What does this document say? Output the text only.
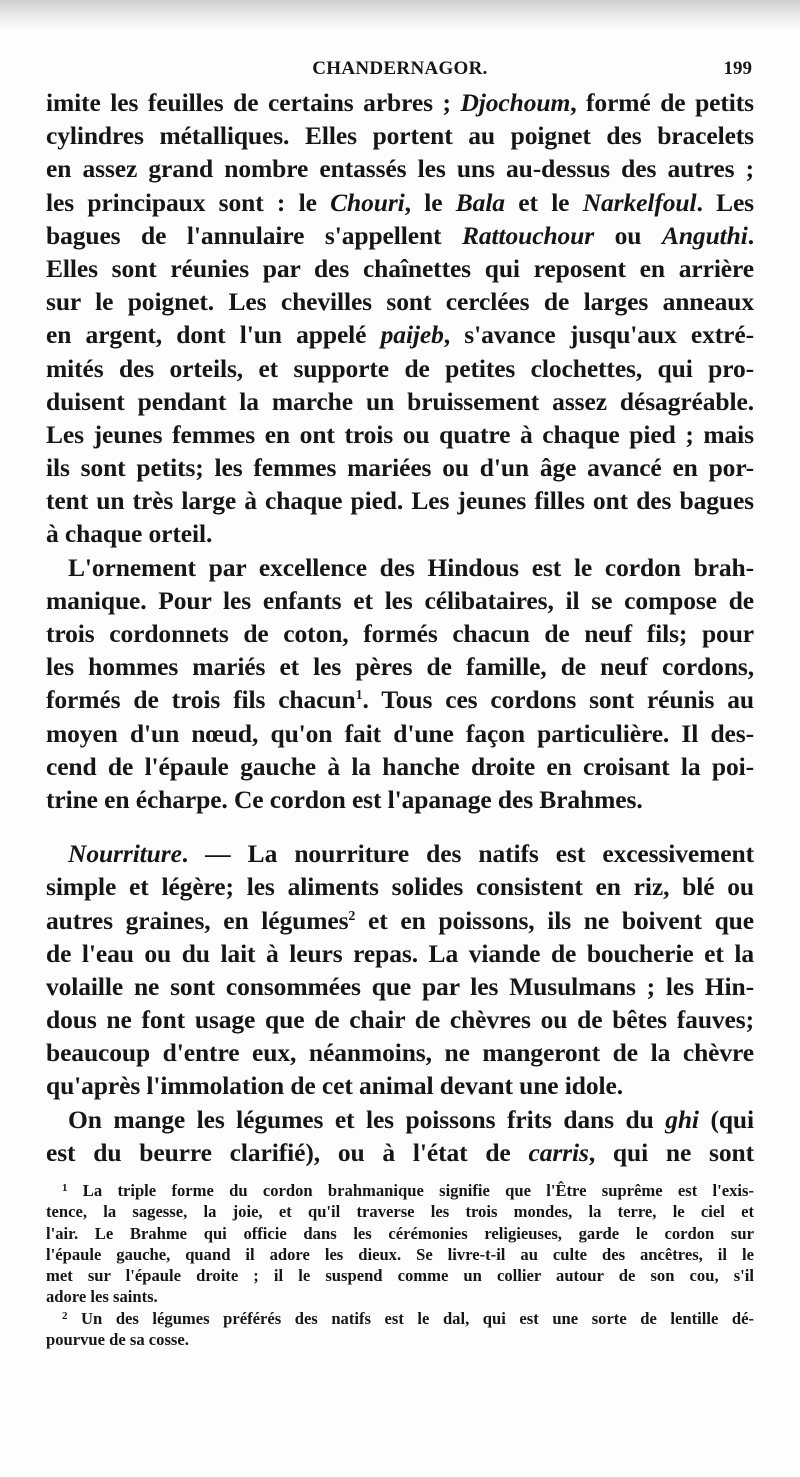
CHANDERNAGOR.	199
imite les feuilles de certains arbres ; Djochoum, formé de petits
cylindres métalliques. Elles portent au poignet des bracelets
en assez grand nombre entassés les uns au-dessus des autres ;
les principaux sont : le Chouri, le Bala et le Narkelfoul. Les
bagues de l'annulaire s'appellent Rattouchour ou Anguthi.
Elles sont réunies par des chaînettes qui reposent en arrière
sur le poignet. Les chevilles sont cerclées de larges anneaux
en argent, dont l'un appelé paijeb, s'avance jusqu'aux extré-
mités des orteils, et supporte de petites clochettes, qui pro-
duisent pendant la marche un bruissement assez désagréable.
Les jeunes femmes en ont trois ou quatre à chaque pied ; mais
ils sont petits; les femmes mariées ou d'un âge avancé en por-
tent un très large à chaque pied. Les jeunes filles ont des bagues
à chaque orteil.
L'ornement par excellence des Hindous est le cordon brah-
manique. Pour les enfants et les célibataires, il se compose de
trois cordonnets de coton, formés chacun de neuf fils; pour
les hommes mariés et les pères de famille, de neuf cordons,
formés de trois fils chacun$^1$. Tous ces cordons sont réunis au
moyen d'un nœud, qu'on fait d'une façon particulière. Il des-
cend de l'épaule gauche à la hanche droite en croisant la poi-
trine en écharpe. Ce cordon est l'apanage des Brahmes.
Nourriture. — La nourriture des natifs est excessivement
simple et légère; les aliments solides consistent en riz, blé ou
autres graines, en légumes$^2$ et en poissons, ils ne boivent que
de l'eau ou du lait à leurs repas. La viande de boucherie et la
volaille ne sont consommées que par les Musulmans ; les Hin-
dous ne font usage que de chair de chèvres ou de bêtes fauves;
beaucoup d'entre eux, néanmoins, ne mangeront de la chèvre
qu'après l'immolation de cet animal devant une idole.
On mange les légumes et les poissons frits dans du ghi (qui
est du beurre clarifié), ou à l'état de carris, qui ne sont
$^1$ La triple forme du cordon brahmanique signifie que l'Être suprême est l'exis-
tence, la sagesse, la joie, et qu'il traverse les trois mondes, la terre, le ciel et
l'air. Le Brahme qui officie dans les cérémonies religieuses, garde le cordon sur
l'épaule gauche, quand il adore les dieux. Se livre-t-il au culte des ancêtres, il le
met sur l'épaule droite ; il le suspend comme un collier autour de son cou, s'il
adore les saints.
$^2$ Un des légumes préférés des natifs est le dal, qui est une sorte de lentille dé-
pourvue de sa cosse.
